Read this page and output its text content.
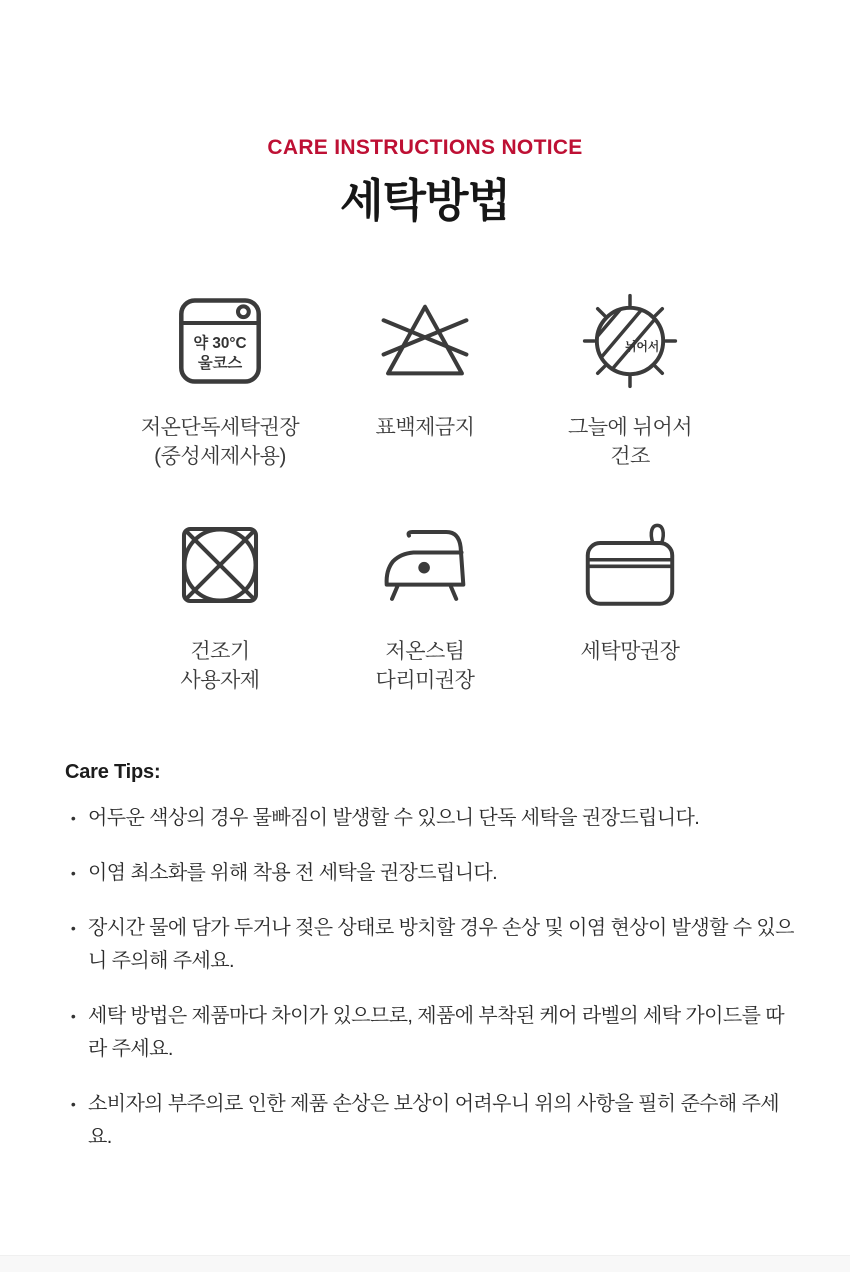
CARE INSTRUCTIONS NOTICE
세탁방법
약 30°C
울코스
저온단독세탁권장
(중성세제사용)
표백제금지
뉘어서
그늘에 뉘어서
건조
건조기
사용자제
저온스팀
다리미권장
세탁망권장
Care Tips:
• 어두운 색상의 경우 물빠짐이 발생할 수 있으니 단독 세탁을 권장드립니다.
• 이염 최소화를 위해 착용 전 세탁을 권장드립니다.
• 장시간 물에 담가 두거나 젖은 상태로 방치할 경우 손상 및 이염 현상이 발생할 수 있으니 주의해 주세요.
• 세탁 방법은 제품마다 차이가 있으므로, 제품에 부착된 케어 라벨의 세탁 가이드를 따라 주세요.
• 소비자의 부주의로 인한 제품 손상은 보상이 어려우니 위의 사항을 필히 준수해 주세요.
